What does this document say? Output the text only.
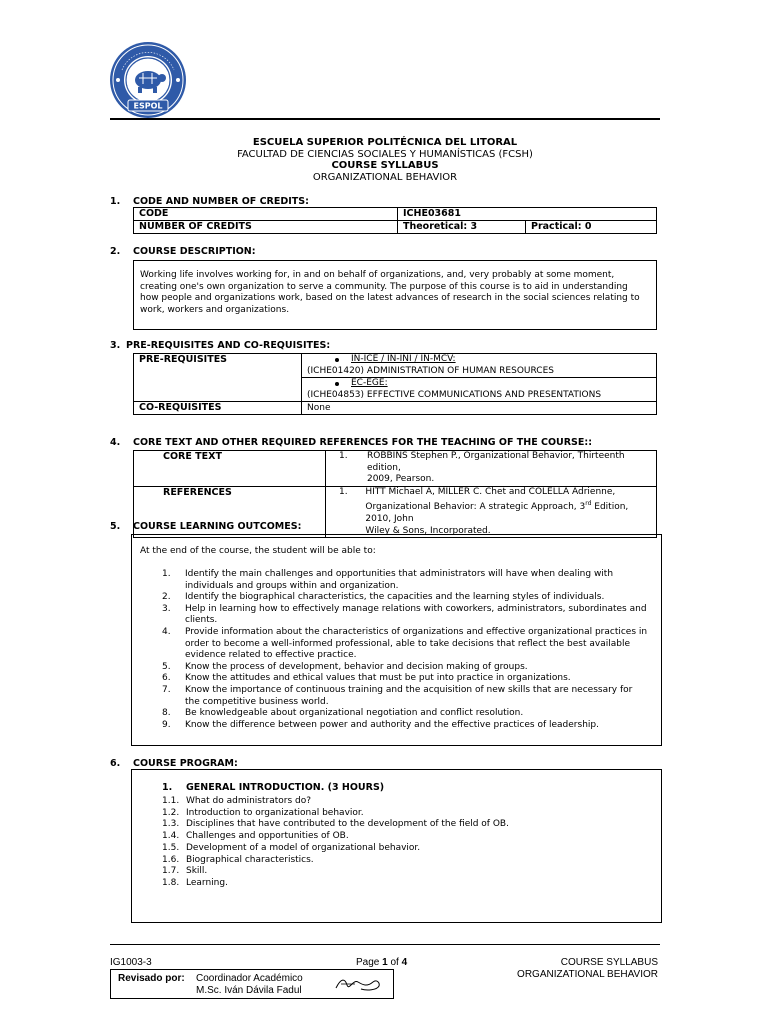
ESPOL
ESCUELA SUPERIOR POLITÉCNICA DEL LITORAL
FACULTAD DE CIENCIAS SOCIALES Y HUMANÍSTICAS (FCSH)
COURSE SYLLABUS
ORGANIZATIONAL BEHAVIOR
1. CODE AND NUMBER OF CREDITS:
CODE	ICHE03681	
NUMBER OF CREDITS	Theoretical: 3	Practical: 0
2. COURSE DESCRIPTION:

Working life involves working for, in and on behalf of organizations, and, very probably at some moment,

creating one's own organization to serve a community. The purpose of this course is to aid in understanding

how people and organizations work, based on the latest advances of research in the social sciences relating to

work, workers and organizations.

3. PRE-REQUISITES AND CO-REQUISITES:
PRE-REQUISITES	IN-ICE / IN-INI / IN-MCV:
(ICHE01420) ADMINISTRATION OF HUMAN RESOURCES

	EC-EGE:
(ICHE04853) EFFECTIVE COMMUNICATIONS AND PRESENTATIONS

CO-REQUISITES	None
4. CORE TEXT AND OTHER REQUIRED REFERENCES FOR THE TEACHING OF THE COURSE::
CORE TEXT	1. ROBBINS Stephen P., Organizational Behavior, Thirteenth edition,
2009, Pearson.

REFERENCES	1. HITT Michael A, MILLER C. Chet and COLELLA Adrienne,
Organizational Behavior: A strategic Approach, 3rd Edition, 2010, John
Wiley & Sons, Incorporated.
5. COURSE LEARNING OUTCOMES:

At the end of the course, the student will be able to:

1. Identify the main challenges and opportunities that administrators will have when dealing with
individuals and groups within and organization.
2. Identify the biographical characteristics, the capacities and the learning styles of individuals.
3. Help in learning how to effectively manage relations with coworkers, administrators, subordinates and
clients.
4. Provide information about the characteristics of organizations and effective organizational practices in
order to become a well-informed professional, able to take decisions that reflect the best available
evidence related to effective practice.
5. Know the process of development, behavior and decision making of groups.
6. Know the attitudes and ethical values that must be put into practice in organizations.
7. Know the importance of continuous training and the acquisition of new skills that are necessary for
the competitive business world.
8. Be knowledgeable about organizational negotiation and conflict resolution.
9. Know the difference between power and authority and the effective practices of leadership.
6. COURSE PROGRAM:
1. GENERAL INTRODUCTION. (3 HOURS)

1.1. What do administrators do?

1.2. Introduction to organizational behavior.

1.3. Disciplines that have contributed to the development of the field of OB.

1.4. Challenges and opportunities of OB.

1.5. Development of a model of organizational behavior.

1.6. Biographical characteristics.

1.7. Skill.

1.8. Learning.

IG1003-3	Page 1 of 4	COURSE SYLLABUS
ORGANIZATIONAL BEHAVIOR
Revisado por: Coordinador Académico
M.Sc. Iván Dávila Fadul
